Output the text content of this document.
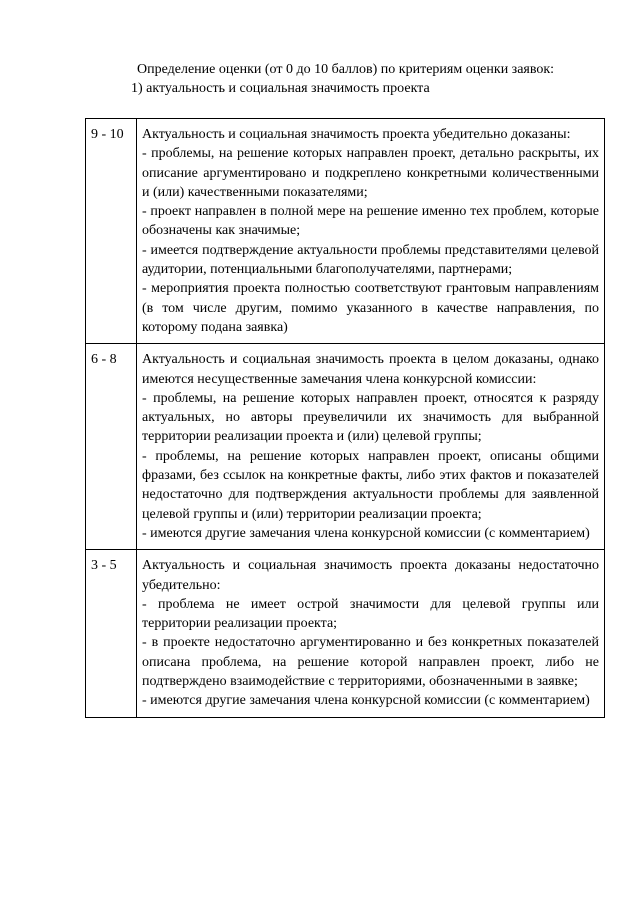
Определение оценки (от 0 до 10 баллов) по критериям оценки заявок:
1) актуальность и социальная значимость проекта
9 - 10	Актуальность и социальная значимость проекта убедительно доказаны:
- проблемы, на решение которых направлен проект, детально раскрыты, их описание аргументировано и подкреплено конкретными количественными и (или) качественными показателями;
- проект направлен в полной мере на решение именно тех проблем, которые обозначены как значимые;
- имеется подтверждение актуальности проблемы представителями целевой аудитории, потенциальными благополучателями, партнерами;
- мероприятия проекта полностью соответствуют грантовым направлениям (в том числе другим, помимо указанного в качестве направления, по которому подана заявка)

6 - 8	Актуальность и социальная значимость проекта в целом доказаны, однако имеются несущественные замечания члена конкурсной комиссии:
- проблемы, на решение которых направлен проект, относятся к разряду актуальных, но авторы преувеличили их значимость для выбранной территории реализации проекта и (или) целевой группы;
- проблемы, на решение которых направлен проект, описаны общими фразами, без ссылок на конкретные факты, либо этих фактов и показателей недостаточно для подтверждения актуальности проблемы для заявленной целевой группы и (или) территории реализации проекта;
- имеются другие замечания члена конкурсной комиссии (с комментарием)

3 - 5	Актуальность и социальная значимость проекта доказаны недостаточно убедительно:
- проблема не имеет острой значимости для целевой группы или территории реализации проекта;
- в проекте недостаточно аргументированно и без конкретных показателей описана проблема, на решение которой направлен проект, либо не подтверждено взаимодействие с территориями, обозначенными в заявке;
- имеются другие замечания члена конкурсной комиссии (с комментарием)
